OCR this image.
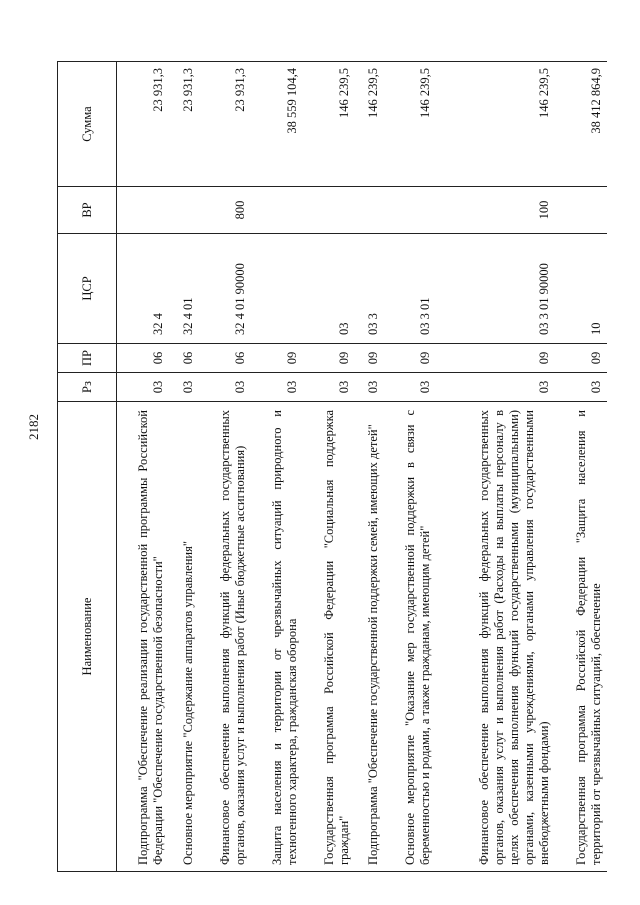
2182
Наименование	Рз	ПР	ЦСР	ВР	Сумма
Подпрограмма "Обеспечение реализации государственной программы Российской Федерации "Обеспечение государственной безопасности"	03	06	32 4		23 931,3
Основное мероприятие "Содержание аппаратов управления"	03	06	32 4 01		23 931,3
Финансовое обеспечение выполнения функций федеральных государственных органов, оказания услуг и выполнения работ (Иные бюджетные ассигнования)	03	06	32 4 01 90000	800	23 931,3
Защита населения и территории от чрезвычайных ситуаций природного и техногенного характера, гражданская оборона	03	09			38 559 104,4
Государственная программа Российской Федерации "Социальная поддержка граждан"	03	09	03		146 239,5
Подпрограмма "Обеспечение государственной поддержки семей, имеющих детей"	03	09	03 3		146 239,5
Основное мероприятие "Оказание мер государственной поддержки в связи с беременностью и родами, а также гражданам, имеющим детей"	03	09	03 3 01		146 239,5
Финансовое обеспечение выполнения функций федеральных государственных органов, оказания услуг и выполнения работ (Расходы на выплаты персоналу в целях обеспечения выполнения функций государственными (муниципальными) органами, казенными учреждениями, органами управления государственными внебюджетными фондами)	03	09	03 3 01 90000	100	146 239,5
Государственная программа Российской Федерации "Защита населения и территорий от чрезвычайных ситуаций, обеспечение	03	09	10		38 412 864,9
